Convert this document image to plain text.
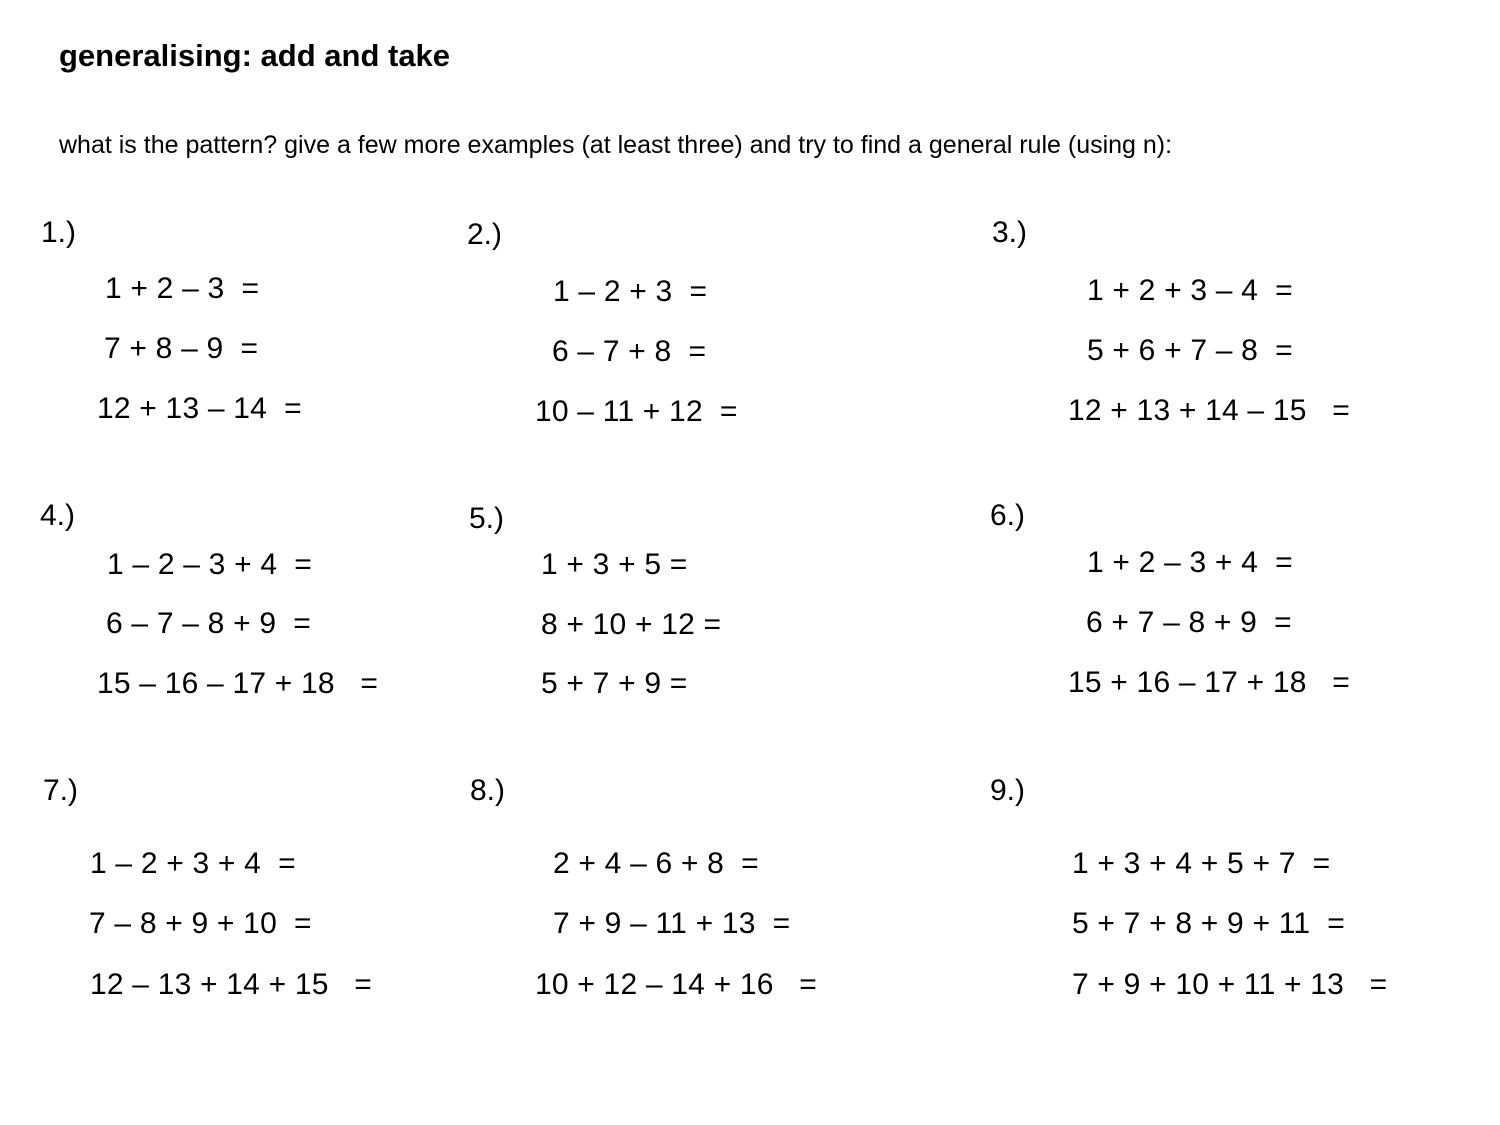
generalising: add and take
what is the pattern? give a few more examples (at least three) and try to find a general rule (using n):
1.)
1 + 2 – 3  =
7 + 8 – 9  =
12 + 13 – 14  =
2.)
1 – 2 + 3  =
6 – 7 + 8  =
10 – 11 + 12  =
3.)
1 + 2 + 3 – 4  =
5 + 6 + 7 – 8  =
12 + 13 + 14 – 15   =
4.)
1 – 2 – 3 + 4  =
6 – 7 – 8 + 9  =
15 – 16 – 17 + 18   =
5.)
1 + 3 + 5 =
8 + 10 + 12 =
5 + 7 + 9 =
6.)
1 + 2 – 3 + 4  =
6 + 7 – 8 + 9  =
15 + 16 – 17 + 18   =
7.)
1 – 2 + 3 + 4  =
7 – 8 + 9 + 10  =
12 – 13 + 14 + 15   =
8.)
2 + 4 – 6 + 8  =
7 + 9 – 11 + 13  =
10 + 12 – 14 + 16   =
9.)
1 + 3 + 4 + 5 + 7  =
5 + 7 + 8 + 9 + 11  =
7 + 9 + 10 + 11 + 13   =
